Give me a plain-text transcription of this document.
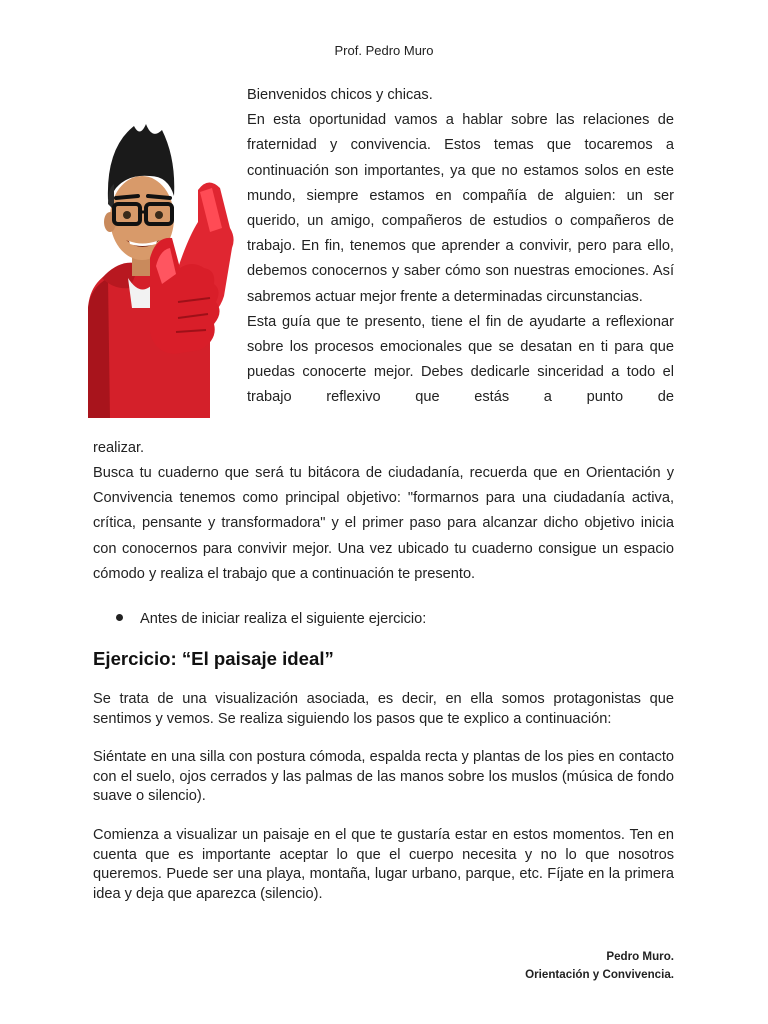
Prof. Pedro Muro

Bienvenidos chicos y chicas.

En esta oportunidad vamos a hablar sobre las relaciones de fraternidad y convivencia. Estos temas que tocaremos a continuación son importantes, ya que no estamos solos en este mundo, siempre estamos en compañía de alguien: un ser querido, un amigo, compañeros de estudios o compañeros de trabajo. En fin, tenemos que aprender a convivir, pero para ello, debemos conocernos y saber cómo son nuestras emociones. Así sabremos actuar mejor frente a determinadas circunstancias.

Esta guía que te presento, tiene el fin de ayudarte a reflexionar sobre los procesos emocionales que se desatan en ti para que puedas conocerte mejor. Debes dedicarle sinceridad a todo el trabajo reflexivo que estás a punto de

realizar.
Busca tu cuaderno que será tu bitácora de ciudadanía, recuerda que en Orientación y Convivencia tenemos como principal objetivo: "formarnos para una ciudadanía activa, crítica, pensante y transformadora" y el primer paso para alcanzar dicho objetivo inicia con conocernos para convivir mejor. Una vez ubicado tu cuaderno consigue un espacio cómodo y realiza el trabajo que a continuación te presento.
Antes de iniciar realiza el siguiente ejercicio:
Ejercicio: “El paisaje ideal”

Se trata de una visualización asociada, es decir, en ella somos protagonistas que sentimos y vemos. Se realiza siguiendo los pasos que te explico a continuación:

Siéntate en una silla con postura cómoda, espalda recta y plantas de los pies en contacto con el suelo, ojos cerrados y las palmas de las manos sobre los muslos (música de fondo suave o silencio).

Comienza a visualizar un paisaje en el que te gustaría estar en estos momentos. Ten en cuenta que es importante aceptar lo que el cuerpo necesita y no lo que nosotros queremos. Puede ser una playa, montaña, lugar urbano, parque, etc. Fíjate en la primera idea y deja que aparezca (silencio).

Pedro Muro.
Orientación y Convivencia.
